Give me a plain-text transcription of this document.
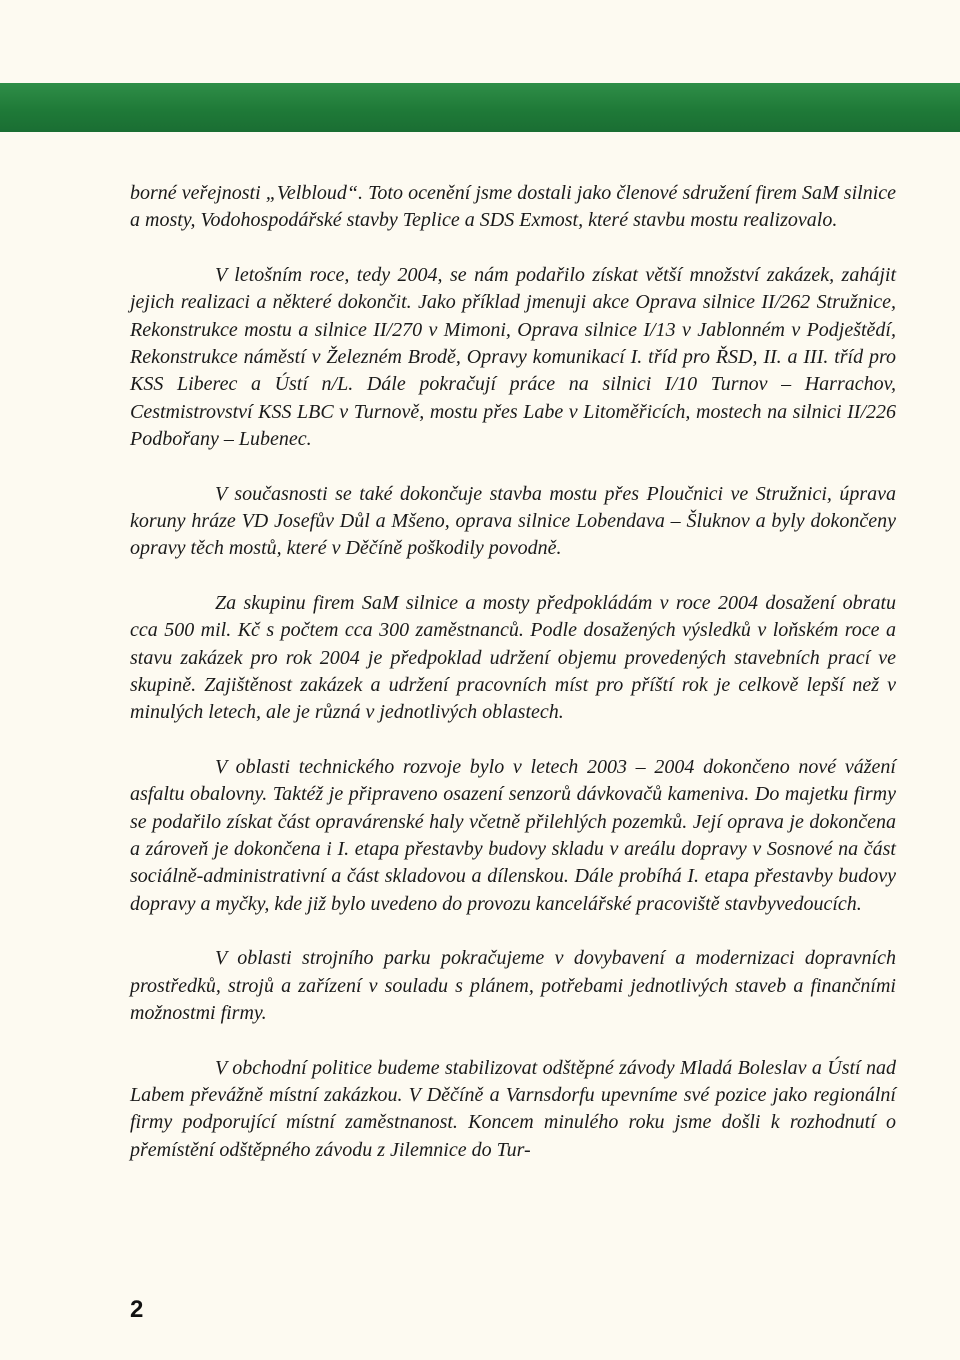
borné veřejnosti „Velbloud“. Toto ocenění jsme dostali jako členové sdružení firem SaM silnice a mosty, Vodohospodářské stavby Teplice a SDS Exmost, které stavbu mostu realizovalo.

V letošním roce, tedy 2004, se nám podařilo získat větší množství zakázek, zahájit jejich realizaci a některé dokončit. Jako příklad jmenuji akce Oprava silnice II/262 Stružnice, Rekonstrukce mostu a silnice II/270 v Mimoni, Oprava silnice I/13 v Jablonném v Podještědí, Rekonstrukce náměstí v Železném Brodě, Opravy komunikací I. tříd pro ŘSD, II. a III. tříd pro KSS Liberec a Ústí n/L. Dále pokračují práce na silnici I/10 Turnov – Harrachov, Cestmistrovství KSS LBC v Turnově, mostu přes Labe v Litoměřicích, mostech na silnici II/226 Podbořany – Lubenec.

V současnosti se také dokončuje stavba mostu přes Ploučnici ve Stružnici, úprava koruny hráze VD Josefův Důl a Mšeno, oprava silnice Lobendava – Šluknov a byly dokončeny opravy těch mostů, které v Děčíně poškodily povodně.

Za skupinu firem SaM silnice a mosty předpokládám v roce 2004 dosažení obratu cca 500 mil. Kč s počtem cca 300 zaměstnanců. Podle dosažených výsledků v loňském roce a stavu zakázek pro rok 2004 je předpoklad udržení objemu provedených stavebních prací ve skupině. Zajištěnost zakázek a udržení pracovních míst pro příští rok je celkově lepší než v minulých letech, ale je různá v jednotlivých oblastech.

V oblasti technického rozvoje bylo v letech 2003 – 2004 dokončeno nové vážení asfaltu obalovny. Taktéž je připraveno osazení senzorů dávkovačů kameniva. Do majetku firmy se podařilo získat část opravárenské haly včetně přilehlých pozemků. Její oprava je dokončena a zároveň je dokončena i I. etapa přestavby budovy skladu v areálu dopravy v Sosnové na část sociálně-administrativní a část skladovou a dílenskou. Dále probíhá I. etapa přestavby budovy dopravy a myčky, kde již bylo uvedeno do provozu kancelářské pracoviště stavbyvedoucích.

V oblasti strojního parku pokračujeme v dovybavení a modernizaci dopravních prostředků, strojů a zařízení v souladu s plánem, potřebami jednotlivých staveb a finančními možnostmi firmy.

V obchodní politice budeme stabilizovat odštěpné závody Mladá Boleslav a Ústí nad Labem převážně místní zakázkou. V Děčíně a Varnsdorfu upevníme své pozice jako regionální firmy podporující místní zaměstnanost. Koncem minulého roku jsme došli k rozhodnutí o přemístění odštěpného závodu z Jilemnice do Tur-

2
